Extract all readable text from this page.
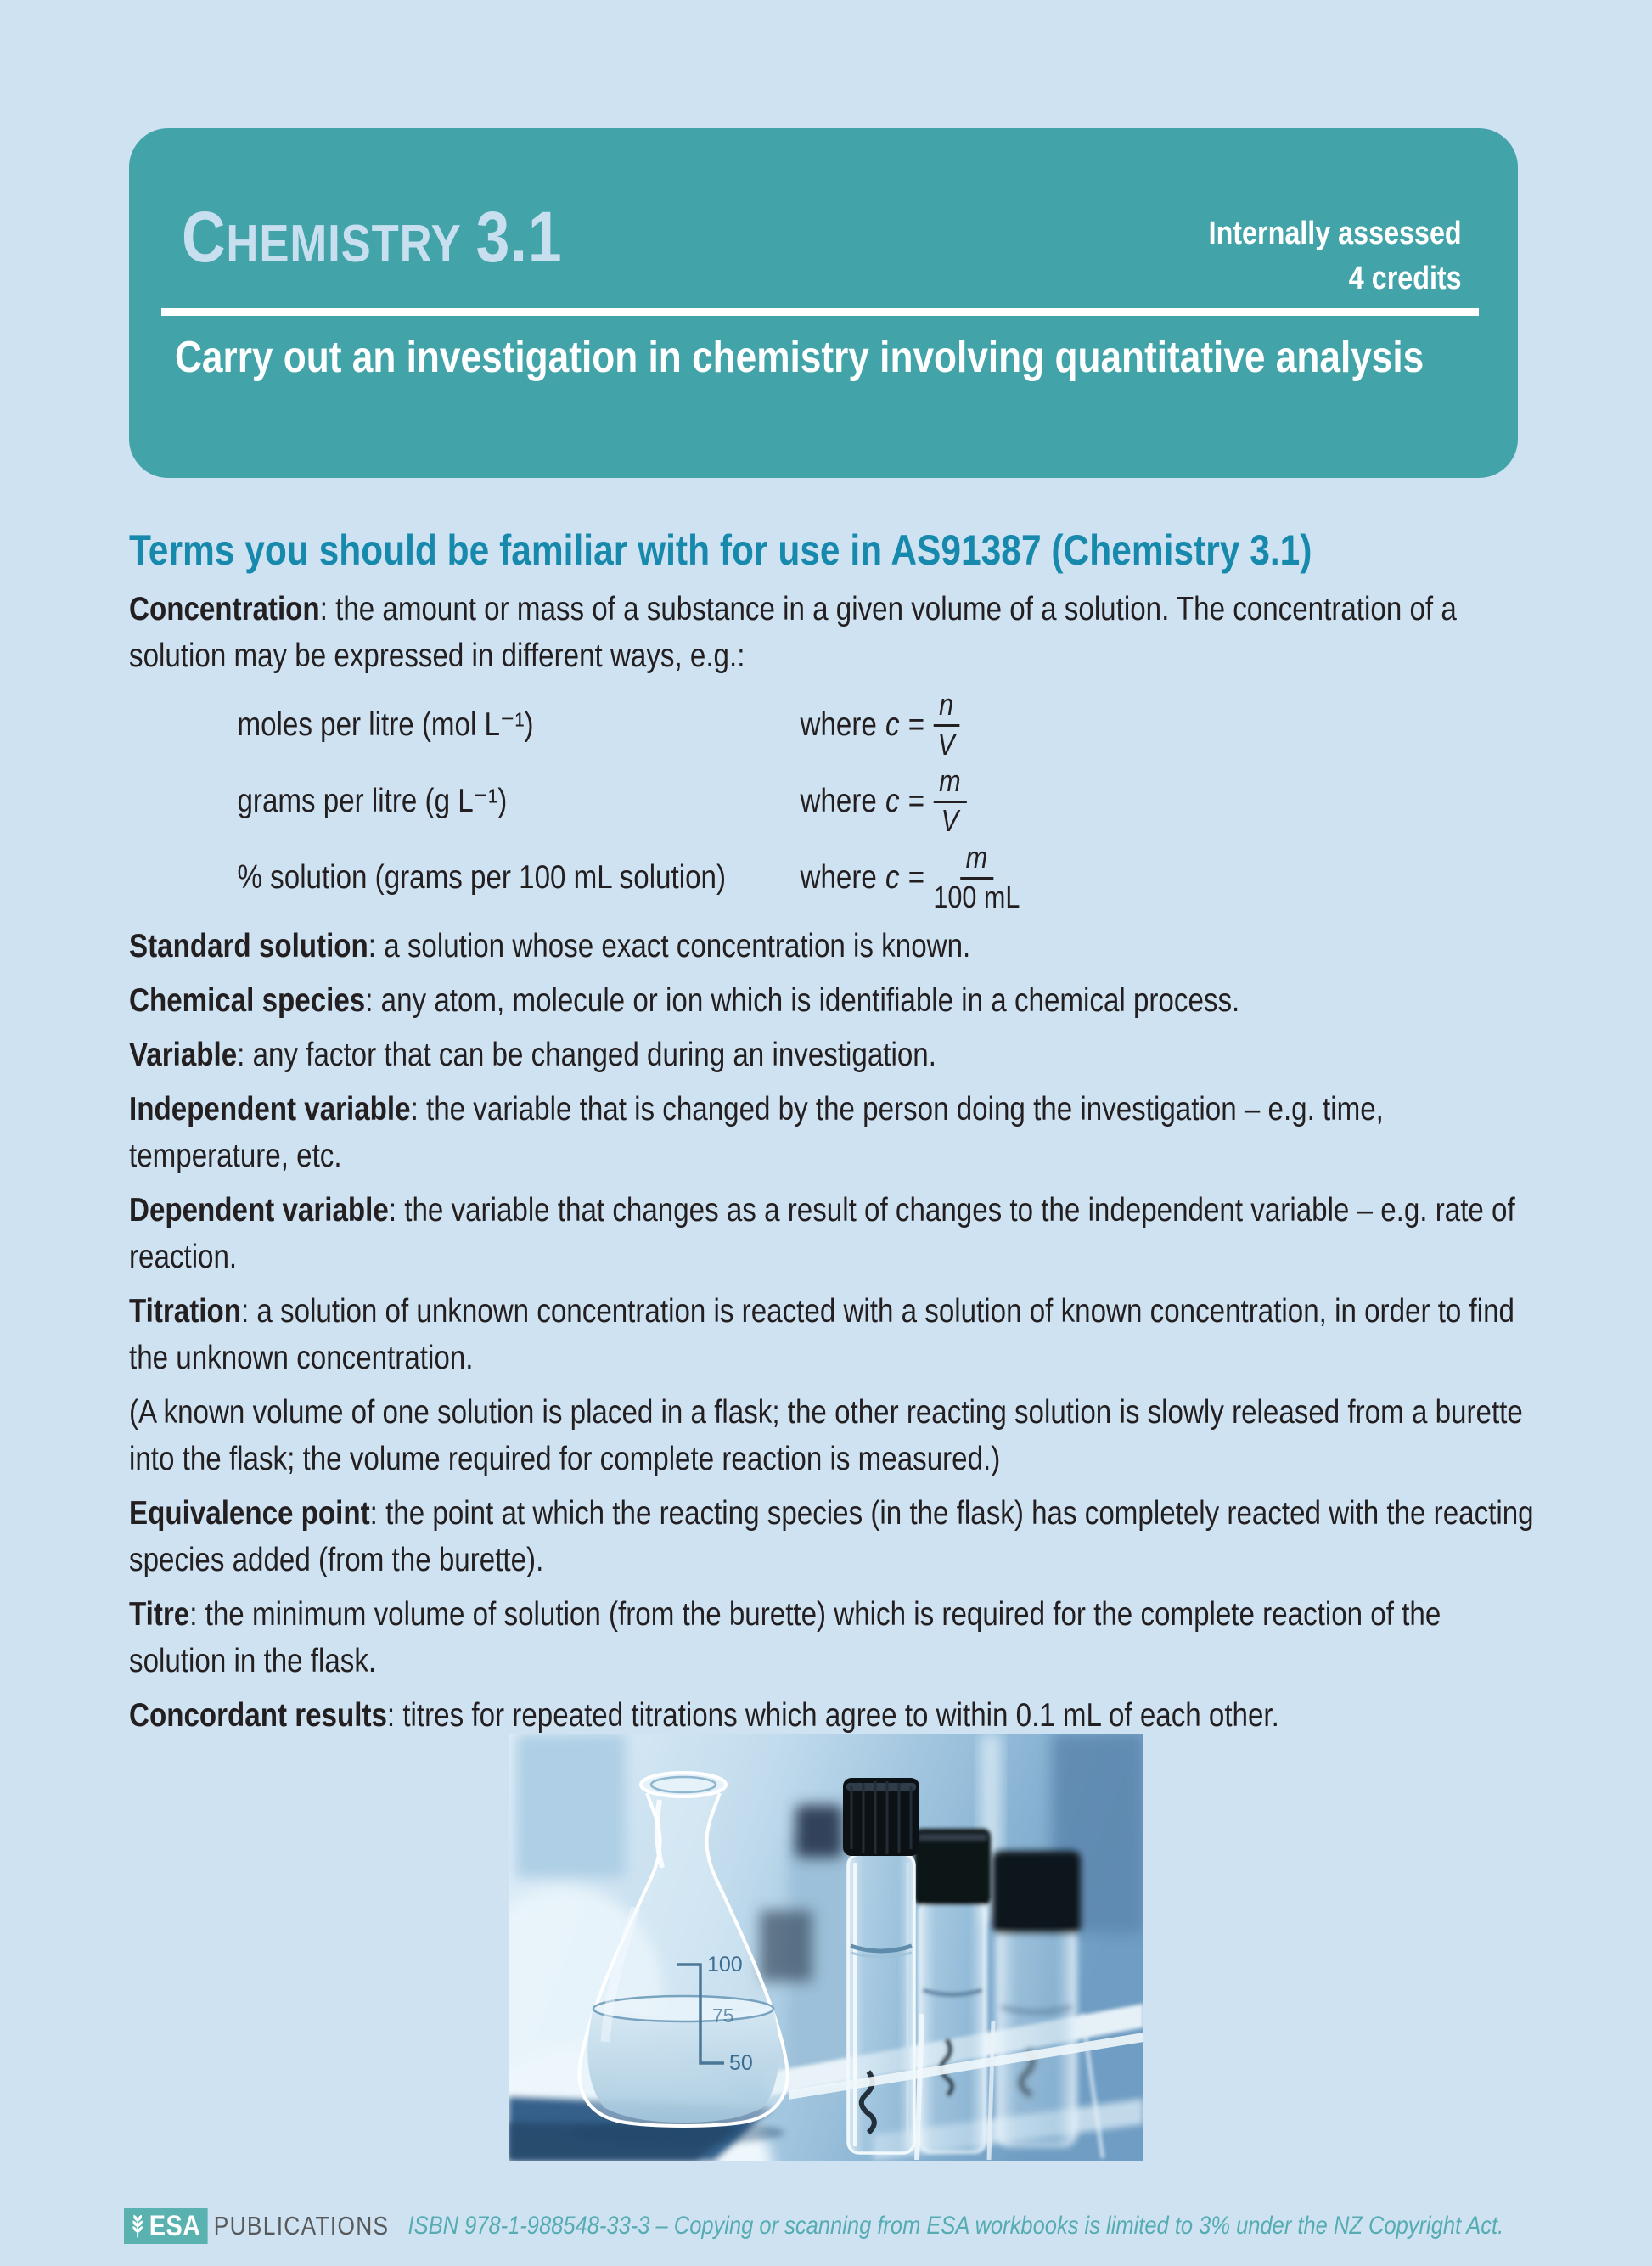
CHEMISTRY 3.1	Internally assessed
4 credits
Carry out an investigation in chemistry involving quantitative analysis
Terms you should be familiar with for use in AS91387 (Chemistry 3.1)

Concentration: the amount or mass of a substance in a given volume of a solution. The concentration of a solution may be expressed in different ways, e.g.:

moles per litre (mol L⁻¹)	where $c = \frac{n}{V}$
grams per litre (g L⁻¹)	where $c = \frac{m}{V}$
% solution (grams per 100 mL solution)	where $c = \frac{m}{100 mL}$

Standard solution: a solution whose exact concentration is known.

Chemical species: any atom, molecule or ion which is identifiable in a chemical process.

Variable: any factor that can be changed during an investigation.

Independent variable: the variable that is changed by the person doing the investigation – e.g. time, temperature, etc.

Dependent variable: the variable that changes as a result of changes to the independent variable – e.g. rate of reaction.

Titration: a solution of unknown concentration is reacted with a solution of known concentration, in order to find the unknown concentration.

(A known volume of one solution is placed in a flask; the other reacting solution is slowly released from a burette into the flask; the volume required for complete reaction is measured.)

Equivalence point: the point at which the reacting species (in the flask) has completely reacted with the reacting species added (from the burette).

Titre: the minimum volume of solution (from the burette) which is required for the complete reaction of the solution in the flask.

Concordant results: titres for repeated titrations which agree to within 0.1 mL of each other.

100
75
50
ESA PUBLICATIONS ISBN 978-1-988548-33-3 – Copying or scanning from ESA workbooks is limited to 3% under the NZ Copyright Act.
